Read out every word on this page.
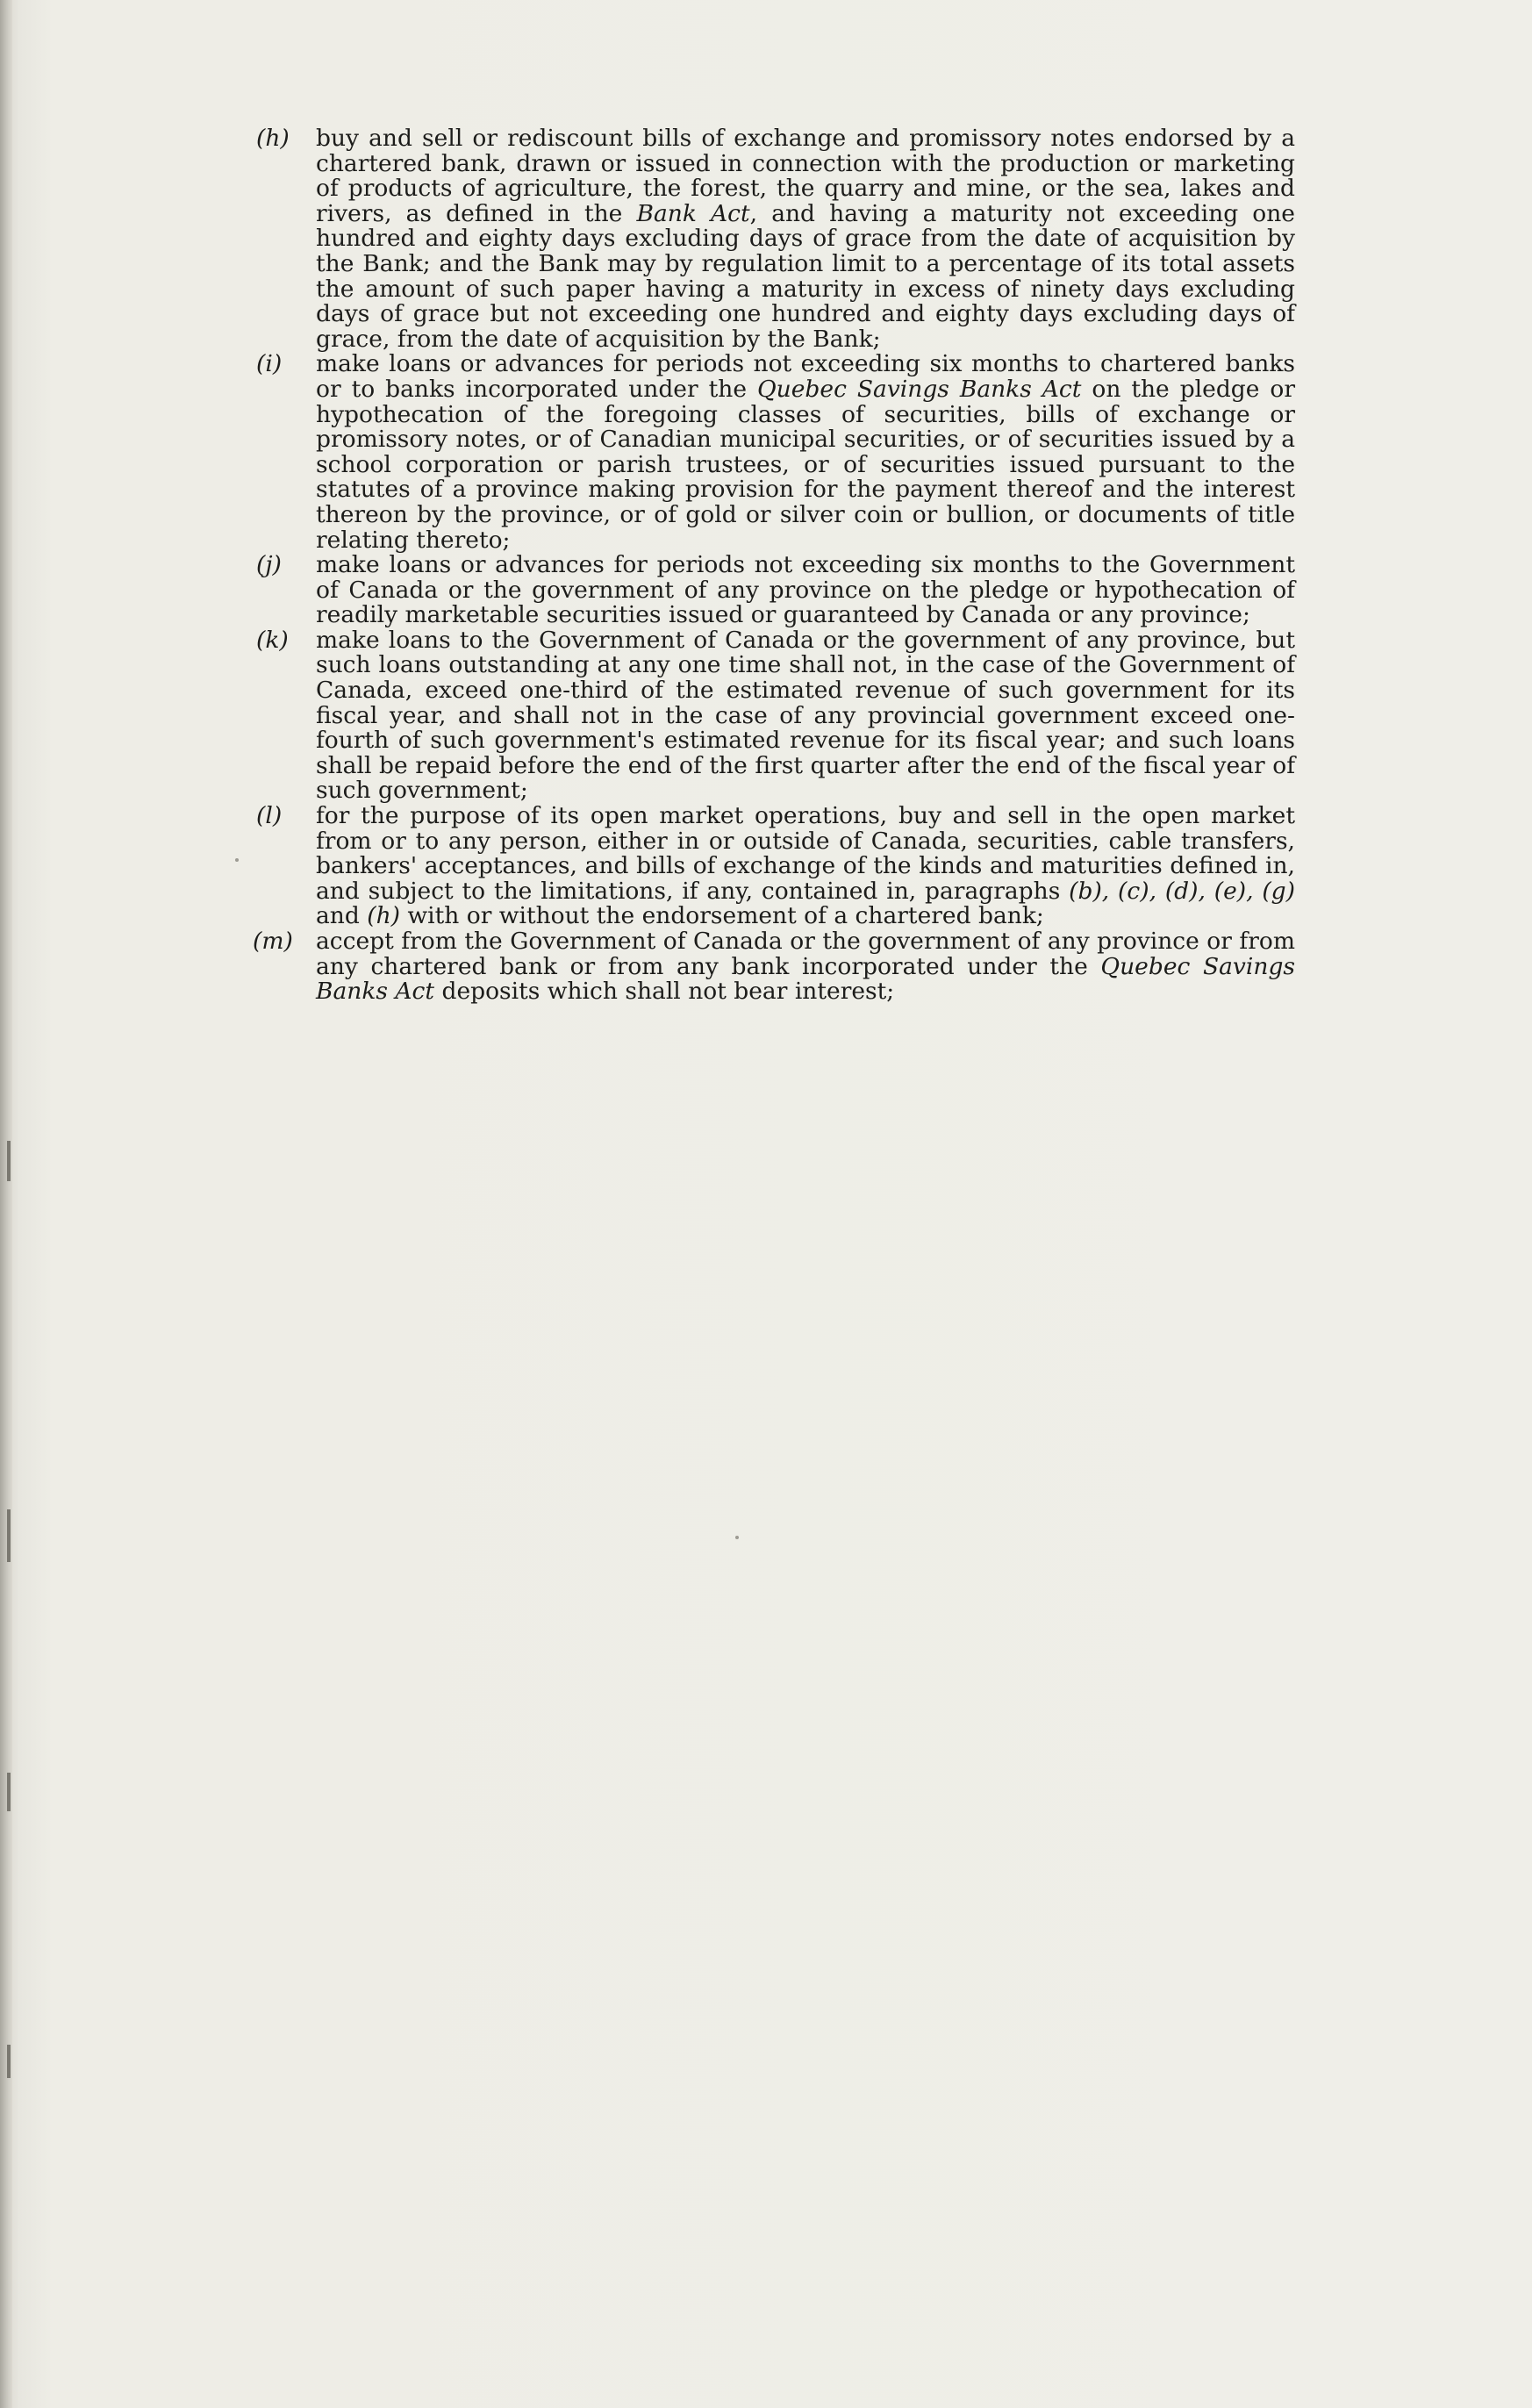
(h)	buy and sell or rediscount bills of exchange and promissory notes endorsed by a chartered bank, drawn or issued in connection with the production or marketing of products of agriculture, the forest, the quarry and mine, or the sea, lakes and rivers, as defined in the Bank Act, and having a maturity not exceeding one hundred and eighty days excluding days of grace from the date of acquisition by the Bank; and the Bank may by regulation limit to a percentage of its total assets the amount of such paper having a maturity in excess of ninety days excluding days of grace but not exceeding one hundred and eighty days excluding days of grace, from the date of acquisition by the Bank;
(i)	make loans or advances for periods not exceeding six months to chartered banks or to banks incorporated under the Quebec Savings Banks Act on the pledge or hypothecation of the foregoing classes of securities, bills of exchange or promissory notes, or of Canadian municipal securities, or of securities issued by a school corporation or parish trustees, or of securities issued pursuant to the statutes of a province making provision for the payment thereof and the interest thereon by the province, or of gold or silver coin or bullion, or documents of title relating thereto;
(j)	make loans or advances for periods not exceeding six months to the Government of Canada or the government of any province on the pledge or hypothecation of readily marketable securities issued or guaranteed by Canada or any province;
(k)	make loans to the Government of Canada or the government of any province, but such loans outstanding at any one time shall not, in the case of the Government of Canada, exceed one-third of the estimated revenue of such government for its fiscal year, and shall not in the case of any provincial government exceed one-fourth of such government's estimated revenue for its fiscal year; and such loans shall be repaid before the end of the first quarter after the end of the fiscal year of such government;
(l)	for the purpose of its open market operations, buy and sell in the open market from or to any person, either in or outside of Canada, securities, cable transfers, bankers' acceptances, and bills of exchange of the kinds and maturities defined in, and subject to the limitations, if any, contained in, paragraphs (b), (c), (d), (e), (g) and (h) with or without the endorsement of a chartered bank;
(m) accept from the Government of Canada or the government of any province or from any chartered bank or from any bank incorporated under the Quebec Savings Banks Act deposits which shall not bear interest;
